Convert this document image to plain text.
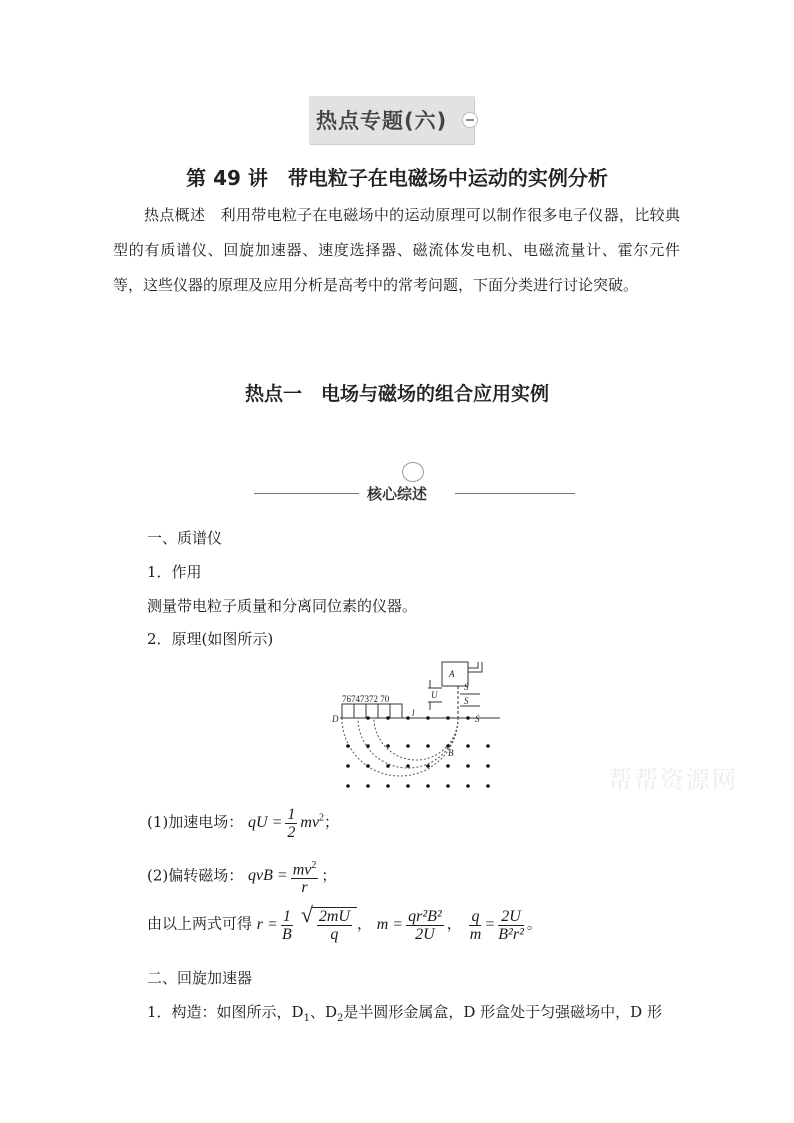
热点专题(六)
第 49 讲　带电粒子在电磁场中运动的实例分析

热点概述　利用带电粒子在电磁场中的运动原理可以制作很多电子仪器，比较典型的有质谱仪、回旋加速器、速度选择器、磁流体发电机、电磁流量计、霍尔元件等，这些仪器的原理及应用分析是高考中的常考问题，下面分类进行讨论突破。

热点一　电场与磁场的组合应用实例
核心综述
一、质谱仪
1．作用
测量带电粒子质量和分离同位素的仪器。
2．原理(如图所示)
76747372 70
A
U
S
S
S
D
l
B
帮帮资源网
(1)加速电场： qU = $\frac{1}{2} mv^2$；
(2)偏转磁场： qvB = $\frac{mv^2}{r}$ ；
由以上两式可得 $r = \frac{1}{B}$

√ $\frac{2mU}{q}$ ， $m = \frac{\text{qr²B²}}{2U}$ ， $\frac{q}{m} = \frac{2U}{\text{B²r²}}$ 。
二、回旋加速器
1．构造：如图所示，$D_1$、$D_2$是半圆形金属盒，D 形盒处于匀强磁场中，D 形
